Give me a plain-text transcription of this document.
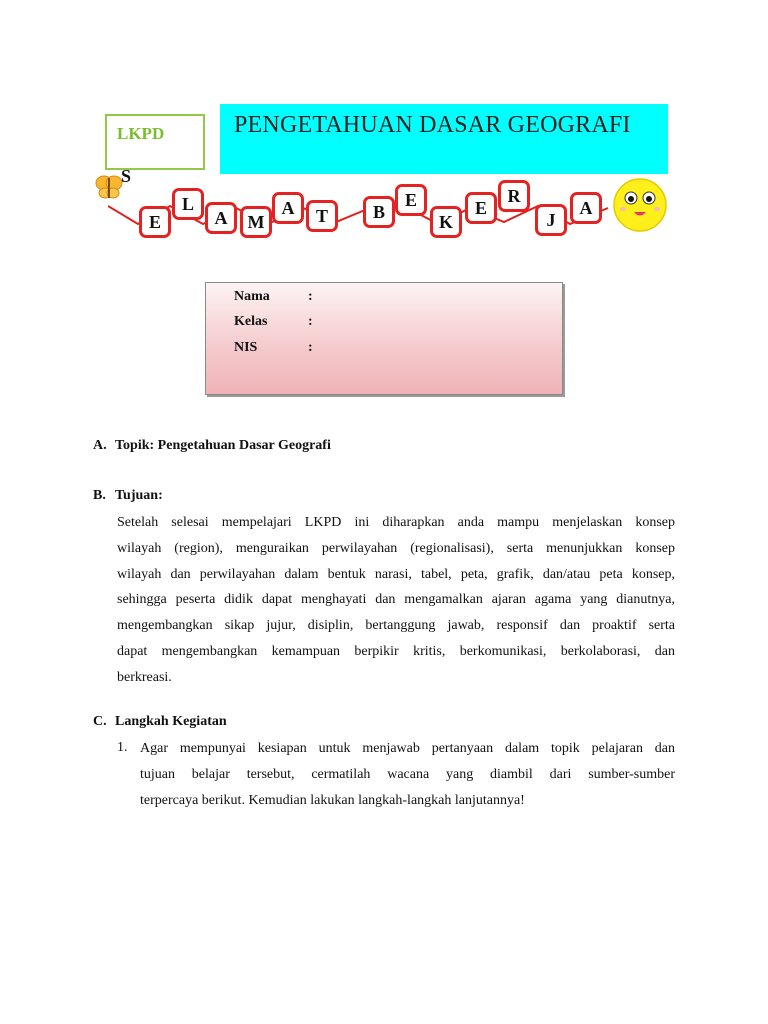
LKPD	PENGETAHUAN DASAR GEOGRAFI
S
E
L
A	M
A	T	B
E
K
E
R
J
A
Nama	:
Kelas	:
NIS	:
A. Topik: Pengetahuan Dasar Geografi
B. Tujuan:
Setelah selesai mempelajari LKPD ini diharapkan anda mampu menjelaskan konsep
wilayah (region), menguraikan perwilayahan (regionalisasi), serta menunjukkan konsep
wilayah dan perwilayahan dalam bentuk narasi, tabel, peta, grafik, dan/atau peta konsep,
sehingga peserta didik dapat menghayati dan mengamalkan ajaran agama yang dianutnya,
mengembangkan sikap jujur, disiplin, bertanggung jawab, responsif dan proaktif serta
dapat mengembangkan kemampuan berpikir kritis, berkomunikasi, berkolaborasi, dan
berkreasi.
C. Langkah Kegiatan
1. Agar mempunyai kesiapan untuk menjawab pertanyaan dalam topik pelajaran dan
tujuan belajar tersebut, cermatilah wacana yang diambil dari sumber-sumber
terpercaya berikut. Kemudian lakukan langkah-langkah lanjutannya!
